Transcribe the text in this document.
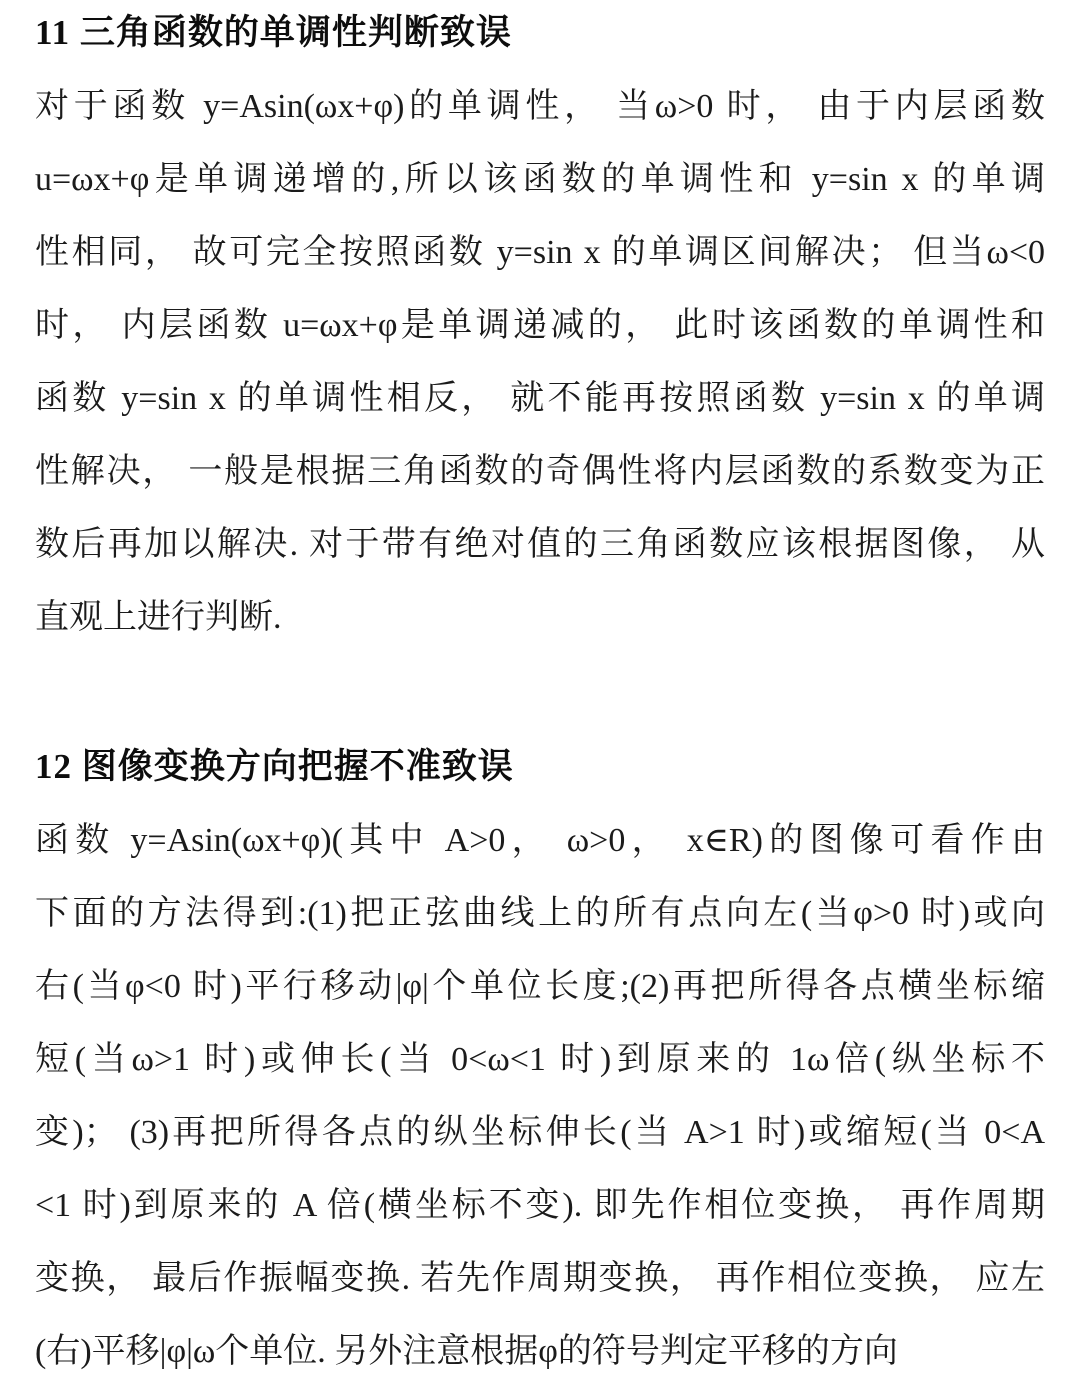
11 三角函数的单调性判断致误
对于函数 y=Asin(ωx+φ)的单调性， 当ω>0 时， 由于内层函数
u=ωx+φ是单调递增的,所以该函数的单调性和 y=sin x 的单调
性相同， 故可完全按照函数 y=sin x 的单调区间解决； 但当ω<0
时， 内层函数 u=ωx+φ是单调递减的， 此时该函数的单调性和
函数 y=sin x 的单调性相反， 就不能再按照函数 y=sin x 的单调
性解决， 一般是根据三角函数的奇偶性将内层函数的系数变为正
数后再加以解决. 对于带有绝对值的三角函数应该根据图像， 从
直观上进行判断.
12 图像变换方向把握不准致误
函数 y=Asin(ωx+φ)(其中 A>0， ω>0， x∈R)的图像可看作由
下面的方法得到:(1)把正弦曲线上的所有点向左(当φ>0 时)或向
右(当φ<0 时)平行移动|φ|个单位长度;(2)再把所得各点横坐标缩
短(当ω>1 时)或伸长(当 0<ω<1 时)到原来的 1ω倍(纵坐标不
变)； (3)再把所得各点的纵坐标伸长(当 A>1 时)或缩短(当 0<A
<1 时)到原来的 A 倍(横坐标不变). 即先作相位变换， 再作周期
变换， 最后作振幅变换. 若先作周期变换， 再作相位变换， 应左
(右)平移|φ|ω个单位. 另外注意根据φ的符号判定平移的方向
